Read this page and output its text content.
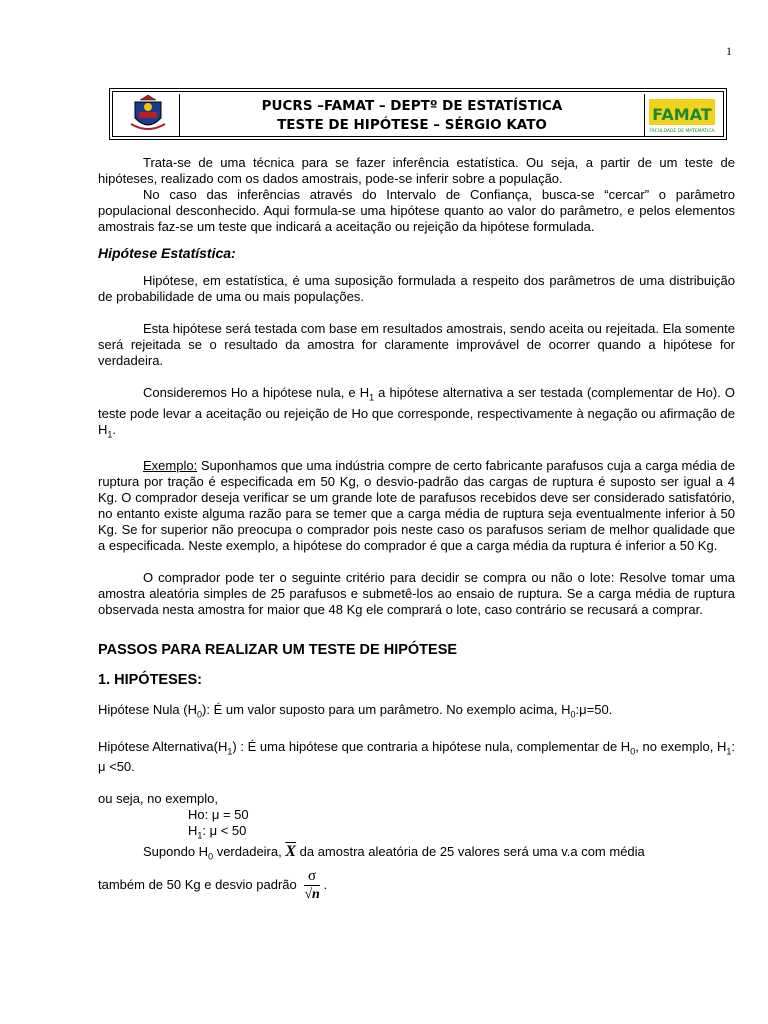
1
PUCRS –FAMAT – DEPTº DE ESTATÍSTICA
TESTE DE HIPÓTESE – SÉRGIO KATO
FAMAT
FACULDADE DE MATEMÁTICA

Trata-se de uma técnica para se fazer inferência estatística. Ou seja, a partir de um teste de hipóteses, realizado com os dados amostrais, pode-se inferir sobre a população.

No caso das inferências através do Intervalo de Confiança, busca-se “cercar” o parâmetro populacional desconhecido. Aqui formula-se uma hipótese quanto ao valor do parâmetro, e pelos elementos amostrais faz-se um teste que indicará a aceitação ou rejeição da hipótese formulada.

Hipótese Estatística:

Hipótese, em estatística, é uma suposição formulada a respeito dos parâmetros de uma distribuição de probabilidade de uma ou mais populações.

Esta hipótese será testada com base em resultados amostrais, sendo aceita ou rejeitada. Ela somente será rejeitada se o resultado da amostra for claramente improvável de ocorrer quando a hipótese for verdadeira.

Consideremos Ho a hipótese nula, e $H_1$ a hipótese alternativa a ser testada (complementar de Ho). O teste pode levar a aceitação ou rejeição de Ho que corresponde, respectivamente à negação ou afirmação de $H_1$.

Exemplo: Suponhamos que uma indústria compre de certo fabricante parafusos cuja a carga média de ruptura por tração é especificada em 50 Kg, o desvio-padrão das cargas de ruptura é suposto ser igual a 4 Kg. O comprador deseja verificar se um grande lote de parafusos recebidos deve ser considerado satisfatório, no entanto existe alguma razão para se temer que a carga média de ruptura seja eventualmente inferior à 50 Kg. Se for superior não preocupa o comprador pois neste caso os parafusos seriam de melhor qualidade que a especificada. Neste exemplo, a hipótese do comprador é que a carga média da ruptura é inferior a 50 Kg.

O comprador pode ter o seguinte critério para decidir se compra ou não o lote: Resolve tomar uma amostra aleatória simples de 25 parafusos e submetê-los ao ensaio de ruptura. Se a carga média de ruptura observada nesta amostra for maior que 48 Kg ele comprará o lote, caso contrário se recusará a comprar.

PASSOS PARA REALIZAR UM TESTE DE HIPÓTESE
1. HIPÓTESES:

Hipótese Nula $(H_0)$: É um valor suposto para um parâmetro. No exemplo acima, $H_0:\mu=50$.

Hipótese $Alternativa(H_1)$ : É uma hipótese que contraria a hipótese nula, complementar de $H_0$, no exemplo, $H_1$: μ <50.

ou seja, no exemplo,

Ho: μ = 50

$H_1$: μ < 50

Supondo $H_0$ verdadeira, $\overline{X}$ da amostra aleatória de 25 valores será uma v.a com média

também de 50 Kg e desvio padrão $\frac{\sigma}{√n}$ .
